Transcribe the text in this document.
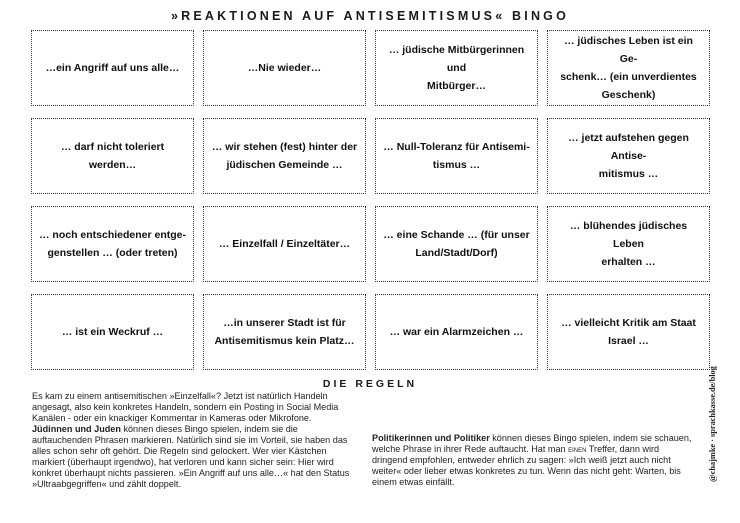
»REAKTIONEN AUF ANTISEMITISMUS« BINGO
…ein Angriff auf uns alle…	…Nie wieder…
… jüdische Mitbürgerinnen und
Mitbürger…
… jüdisches Leben ist ein Ge-
schenk… (ein unverdientes
Geschenk)
… darf nicht toleriert werden…
… wir stehen (fest) hinter der
jüdischen Gemeinde …
… Null-Toleranz für Antisemi-
tismus …
… jetzt aufstehen gegen Antise-
mitismus …
… noch entschiedener entge-
genstellen … (oder treten)
… Einzelfall / Einzeltäter…
… eine Schande … (für unser
Land/Stadt/Dorf)
… blühendes jüdisches Leben
erhalten …
… ist ein Weckruf …
…in unserer Stadt ist für
Antisemitismus kein Platz…
… war ein Alarmzeichen …
… vielleicht Kritik am Staat
Israel …
DIE REGELN

Es kam zu einem antisemitischen »Einzelfall«? Jetzt ist natürlich Handeln angesagt, also kein konkretes Handeln, sondern ein Posting in Social Media Kanälen - oder ein knackiger Kommentar in Kameras oder Mikrofone.

Jüdinnen und Juden können dieses Bingo spielen, indem sie die auftauchenden Phrasen markieren. Natürlich sind sie im Vorteil, sie haben das alles schon sehr oft gehört. Die Regeln sind gelockert. Wer vier Kästchen markiert (überhaupt irgendwo), hat verloren und kann sicher sein: Hier wird konkret überhaupt nichts passieren. »Ein Angriff auf uns alle…« hat den Status »Ultraabgegriffen« und zählt doppelt.

Politikerinnen und Politiker können dieses Bingo spielen, indem sie schauen, welche Phrase in ihrer Rede auftaucht. Hat man einen Treffer, dann wird dringend empfohlen, entweder ehrlich zu sagen: »Ich weiß jetzt auch nicht weiter« oder lieber etwas konkretes zu tun. Wenn das nicht geht: Warten, bis einem etwas einfällt.	@chajmke · sprachkasse.de/blog
